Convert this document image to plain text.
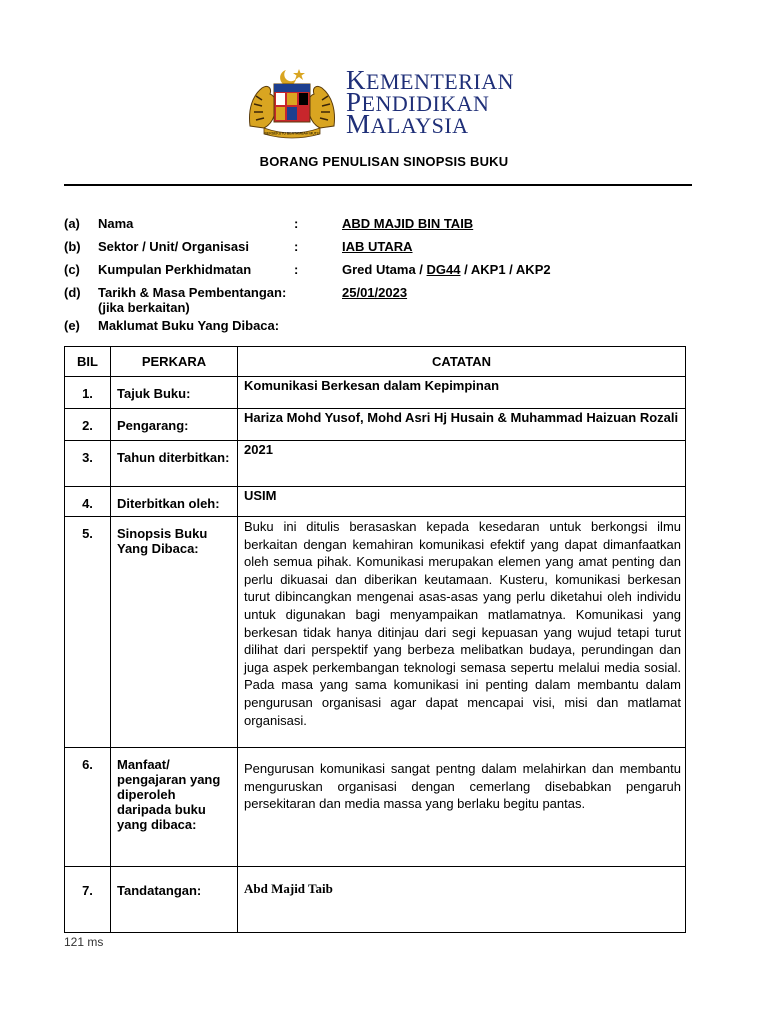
BERSEKUTU BERTAMBAH MUTU
KEMENTERIAN
PENDIDIKAN
MALAYSIA
BORANG PENULISAN SINOPSIS BUKU
(a) Nama	:	ABD MAJID BIN TAIB
(b) Sektor / Unit/ Organisasi	:	IAB UTARA
(c) Kumpulan Perkhidmatan	:	Gred Utama / DG44 / AKP1 / AKP2
(d) Tarikh & Masa Pembentangan:
(jika berkaitan)
25/01/2023
(e) Maklumat Buku Yang Dibaca:
BIL	PERKARA	CATATAN
1.	Tajuk Buku:	Komunikasi Berkesan dalam Kepimpinan
2.	Pengarang:	Hariza Mohd Yusof, Mohd Asri Hj Husain & Muhammad Haizuan Rozali
3.	Tahun diterbitkan:	2021
4.	Diterbitkan oleh:	USIM
5.	Sinopsis Buku Yang Dibaca:	Buku ini ditulis berasaskan kepada kesedaran untuk berkongsi ilmu berkaitan dengan kemahiran komunikasi efektif yang dapat dimanfaatkan oleh semua pihak. Komunikasi merupakan elemen yang amat penting dan perlu dikuasai dan diberikan keutamaan. Kusteru, komunikasi berkesan turut dibincangkan mengenai asas-asas yang perlu diketahui oleh individu untuk digunakan bagi menyampaikan matlamatnya. Komunikasi yang berkesan tidak hanya ditinjau dari segi kepuasan yang wujud tetapi turut dilihat dari perspektif yang berbeza melibatkan budaya, perundingan dan juga aspek perkembangan teknologi semasa sepertu melalui media sosial. Pada masa yang sama komunikasi ini penting dalam membantu dalam pengurusan organisasi agar dapat mencapai visi, misi dan matlamat organisasi.
6.	Manfaat/ pengajaran yang diperoleh daripada buku yang dibaca:	Pengurusan komunikasi sangat pentng dalam melahirkan dan membantu menguruskan organisasi dengan cemerlang disebabkan pengaruh persekitaran dan media massa yang berlaku begitu pantas.
7.	Tandatangan:	Abd Majid Taib
121 ms
